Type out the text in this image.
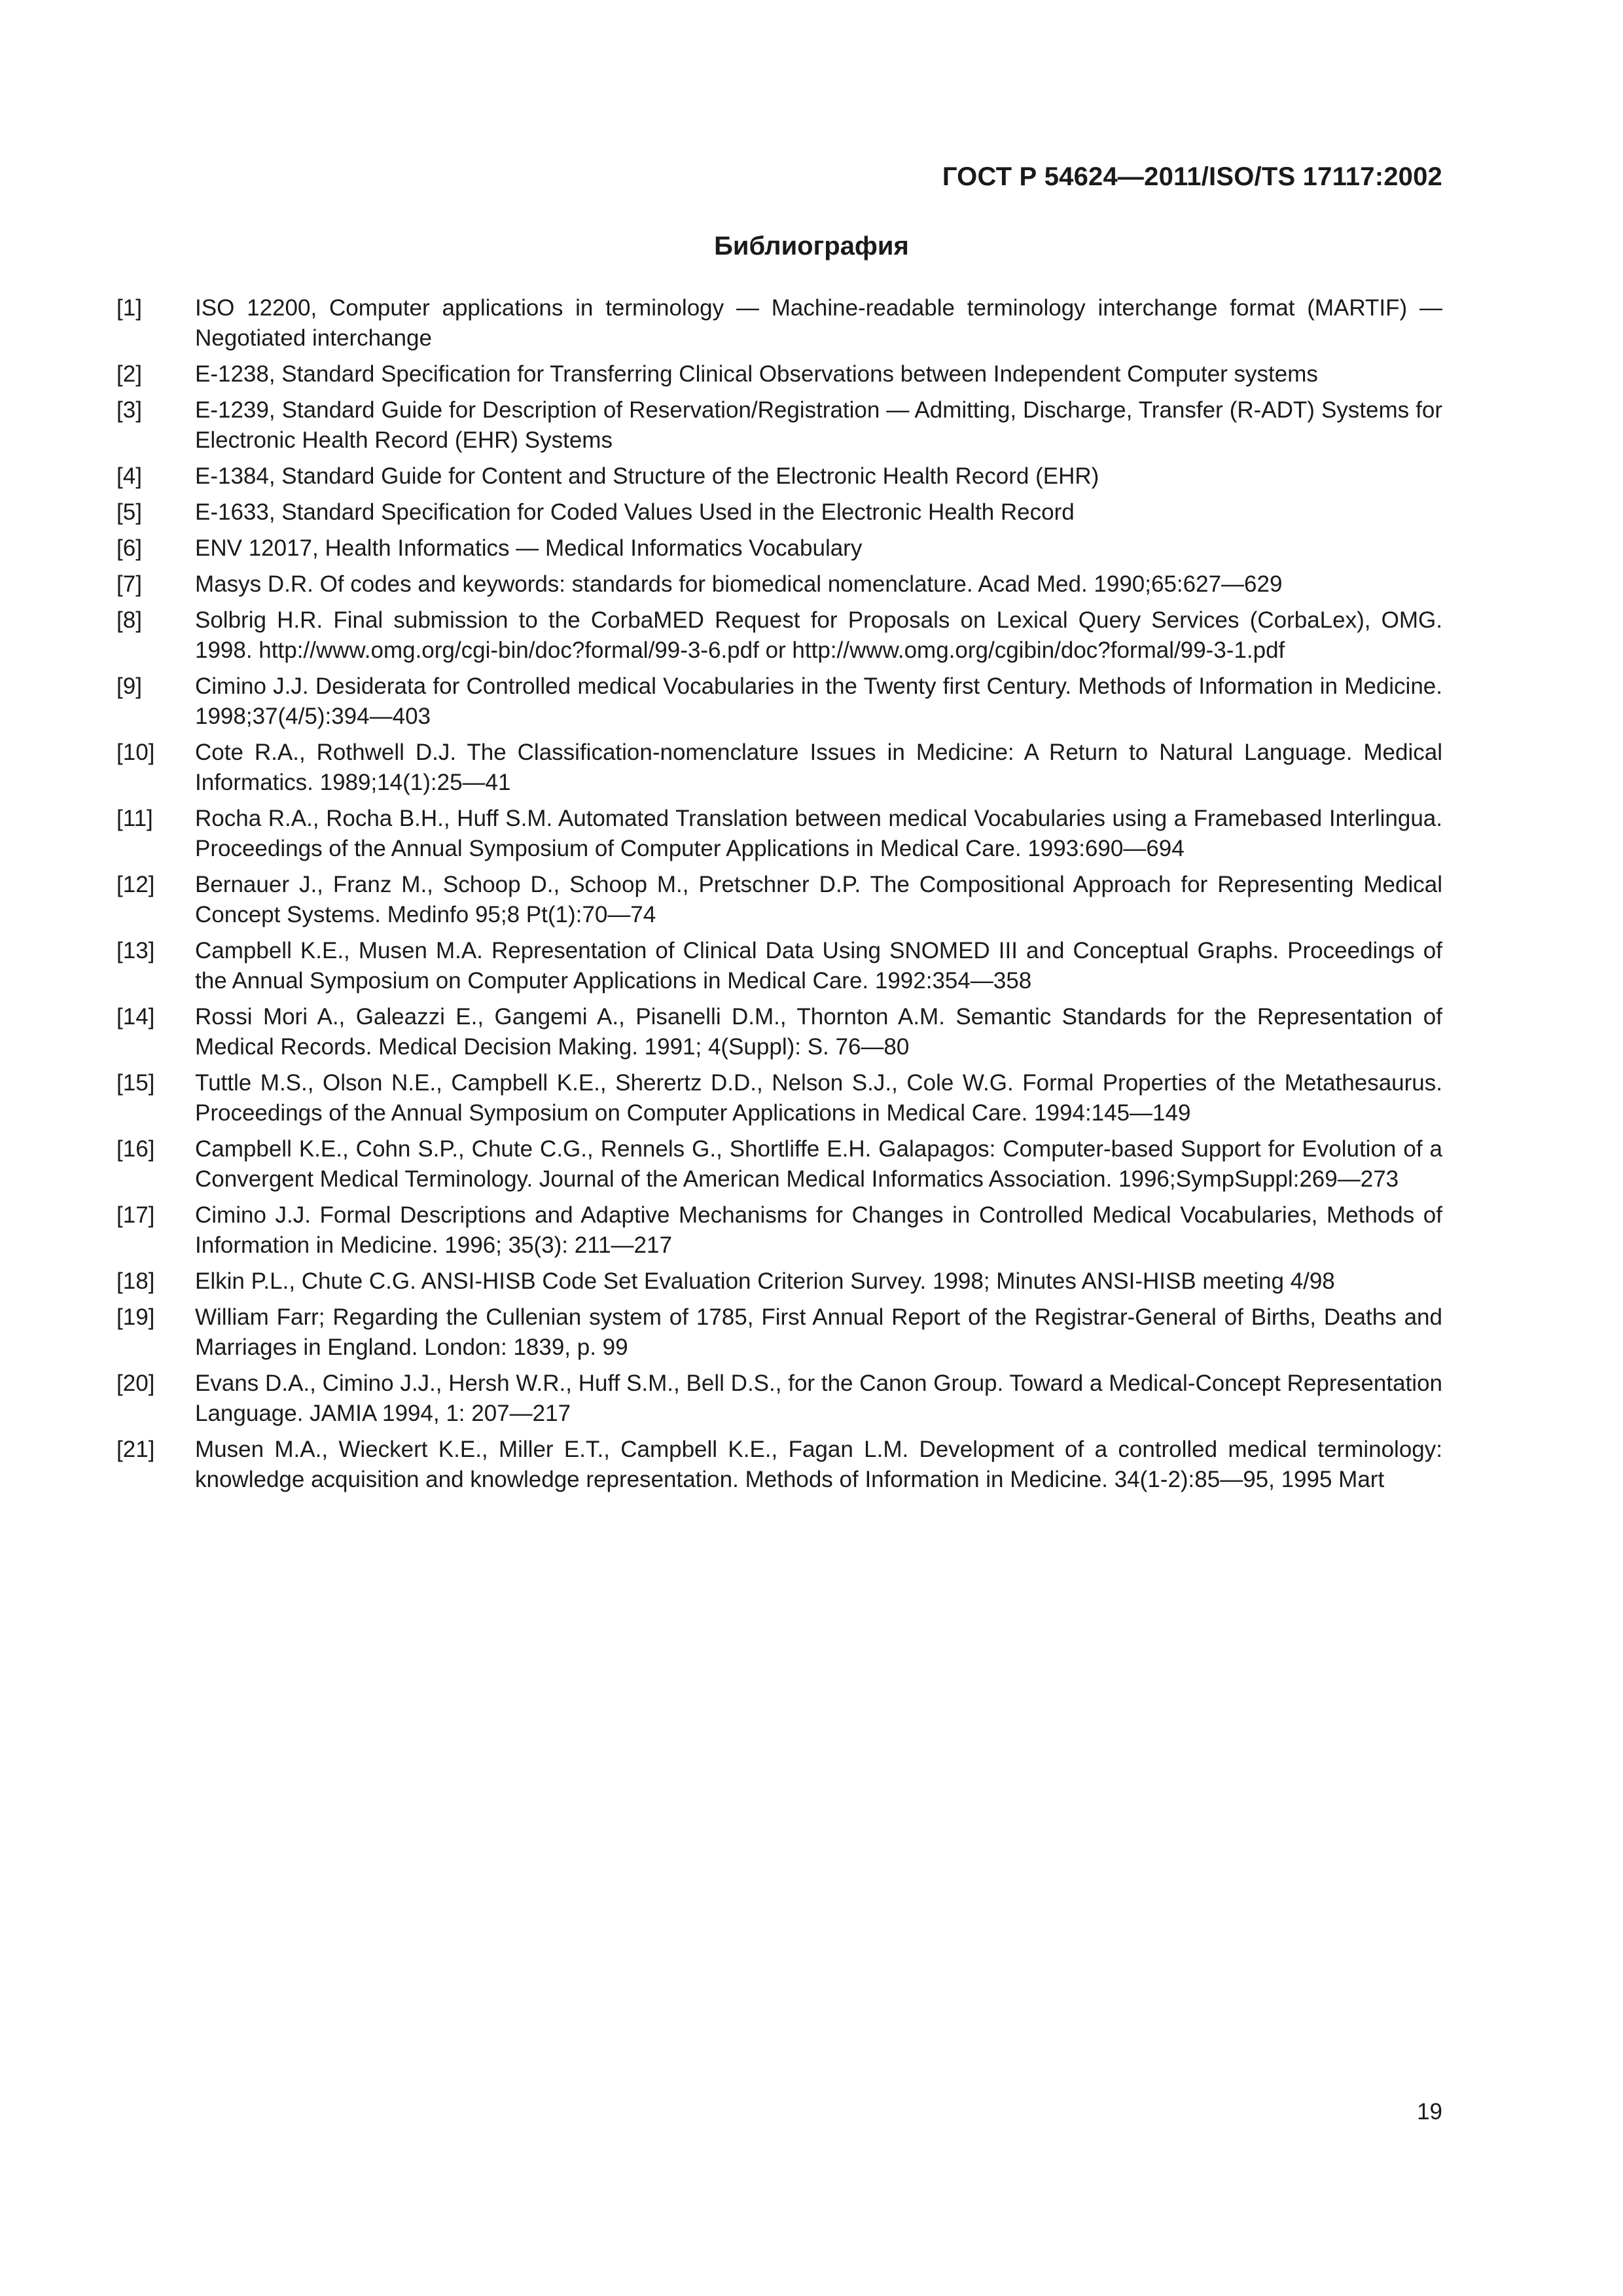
ГОСТ Р 54624—2011/ISO/TS 17117:2002
Библиография
[1]	ISO 12200, Computer applications in terminology — Machine-readable terminology interchange format (MARTIF) — Negotiated interchange
[2]	E-1238, Standard Specification for Transferring Clinical Observations between Independent Computer systems
[3]	E-1239, Standard Guide for Description of Reservation/Registration — Admitting, Discharge, Transfer (R-ADT) Systems for Electronic Health Record (EHR) Systems
[4]	E-1384, Standard Guide for Content and Structure of the Electronic Health Record (EHR)
[5]	E-1633, Standard Specification for Coded Values Used in the Electronic Health Record
[6]	ENV 12017, Health Informatics — Medical Informatics Vocabulary
[7]	Masys D.R. Of codes and keywords: standards for biomedical nomenclature. Acad Med. 1990;65:627—629
[8]	Solbrig H.R. Final submission to the CorbaMED Request for Proposals on Lexical Query Services (CorbaLex), OMG. 1998. http://www.omg.org/cgi-bin/doc?formal/99-3-6.pdf or http://www.omg.org/cgibin/doc?formal/99-3-1.pdf
[9]	Cimino J.J. Desiderata for Controlled medical Vocabularies in the Twenty first Century. Methods of Information in Medicine. 1998;37(4/5):394—403
[10]	Cote R.A., Rothwell D.J. The Classification-nomenclature Issues in Medicine: A Return to Natural Language. Medical Informatics. 1989;14(1):25—41
[11]	Rocha R.A., Rocha B.H., Huff S.M. Automated Translation between medical Vocabularies using a Framebased Interlingua. Proceedings of the Annual Symposium of Computer Applications in Medical Care. 1993:690—694
[12]	Bernauer J., Franz M., Schoop D., Schoop M., Pretschner D.P. The Compositional Approach for Representing Medical Concept Systems. Medinfo 95;8 Pt(1):70—74
[13]	Campbell K.E., Musen M.A. Representation of Clinical Data Using SNOMED III and Conceptual Graphs. Proceedings of the Annual Symposium on Computer Applications in Medical Care. 1992:354—358
[14]	Rossi Mori A., Galeazzi E., Gangemi A., Pisanelli D.M., Thornton A.M. Semantic Standards for the Representation of Medical Records. Medical Decision Making. 1991; 4(Suppl): S. 76—80
[15]	Tuttle M.S., Olson N.E., Campbell K.E., Sherertz D.D., Nelson S.J., Cole W.G. Formal Properties of the Metathesaurus. Proceedings of the Annual Symposium on Computer Applications in Medical Care. 1994:145—149
[16]	Campbell K.E., Cohn S.P., Chute C.G., Rennels G., Shortliffe E.H. Galapagos: Computer-based Support for Evolution of a Convergent Medical Terminology. Journal of the American Medical Informatics Association. 1996;SympSuppl:269—273
[17]	Cimino J.J. Formal Descriptions and Adaptive Mechanisms for Changes in Controlled Medical Vocabularies, Methods of Information in Medicine. 1996; 35(3): 211—217
[18]	Elkin P.L., Chute C.G. ANSI-HISB Code Set Evaluation Criterion Survey. 1998; Minutes ANSI-HISB meeting 4/98
[19]	William Farr; Regarding the Cullenian system of 1785, First Annual Report of the Registrar-General of Births, Deaths and Marriages in England. London: 1839, p. 99
[20]	Evans D.A., Cimino J.J., Hersh W.R., Huff S.M., Bell D.S., for the Canon Group. Toward a Medical-Concept Representation Language. JAMIA 1994, 1: 207—217
[21]	Musen M.A., Wieckert K.E., Miller E.T., Campbell K.E., Fagan L.M. Development of a controlled medical terminology: knowledge acquisition and knowledge representation. Methods of Information in Medicine. 34(1-2):85—95, 1995 Mart
19
